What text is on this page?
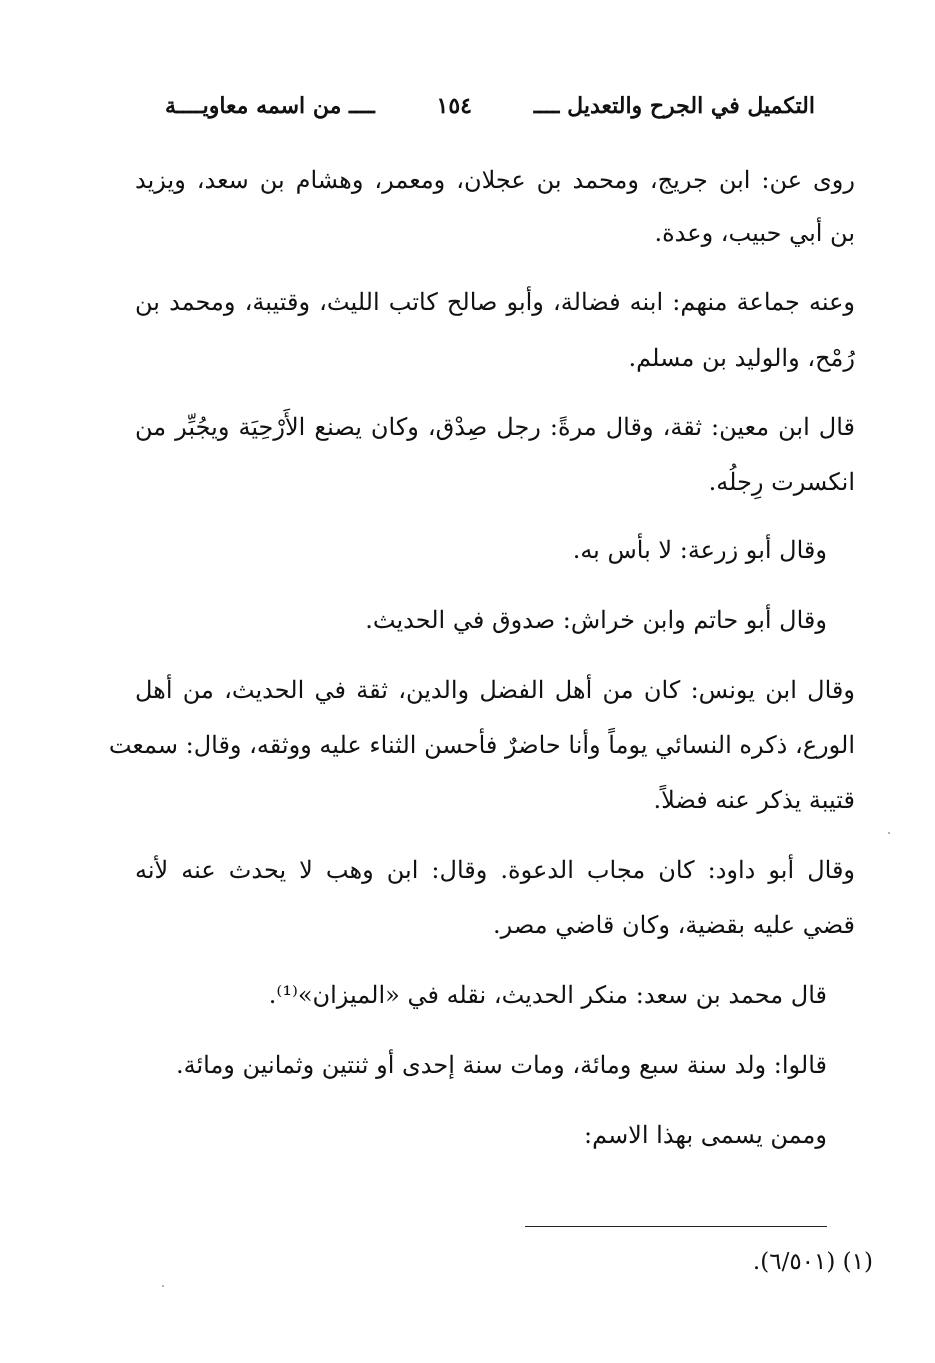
التكميل في الجرح والتعديل ــــ
١٥٤
ــــ من اسمه معاويــــة
روى عن: ابن جريج، ومحمد بن عجلان، ومعمر، وهشام بن سعد، ويزيد
بن أبي حبيب، وعدة.
وعنه جماعة منهم: ابنه فضالة، وأبو صالح كاتب الليث، وقتيبة، ومحمد بن
رُمْح، والوليد بن مسلم.
قال ابن معين: ثقة، وقال مرةً: رجل صِدْق، وكان يصنع الأَرْحِيَة ويجُبِّر من
انكسرت رِجلُه.
وقال أبو زرعة: لا بأس به.
وقال أبو حاتم وابن خراش: صدوق في الحديث.
وقال ابن يونس: كان من أهل الفضل والدين، ثقة في الحديث، من أهل
الورع، ذكره النسائي يوماً وأنا حاضرٌ فأحسن الثناء عليه ووثقه، وقال: سمعت
قتيبة يذكر عنه فضلاً.
وقال أبو داود: كان مجاب الدعوة. وقال: ابن وهب لا يحدث عنه لأنه
قضي عليه بقضية، وكان قاضي مصر.
قال محمد بن سعد: منكر الحديث، نقله في «الميزان»⁽¹⁾.
قالوا: ولد سنة سبع ومائة، ومات سنة إحدى أو ثنتين وثمانين ومائة.
وممن يسمى بهذا الاسم:
(١) (٦/٥٠١).
